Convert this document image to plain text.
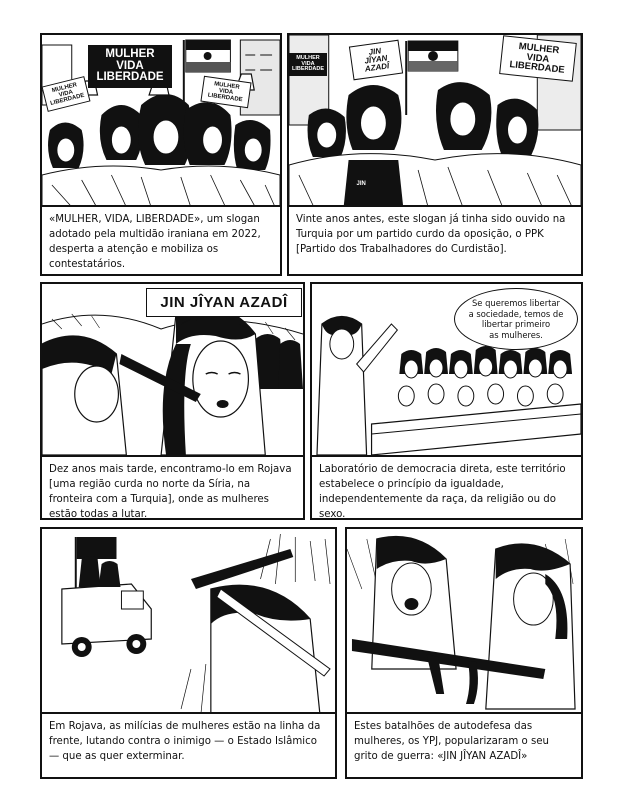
MULHER
VIDA
LIBERDADE
MULHER
VIDA
LIBERDADE
MULHER
VIDA
LIBERDADE
«MULHER, VIDA, LIBERDADE», um slogan adotado pela multidão iraniana em 2022, desperta a atenção e mobiliza os contestatários.
JIN
JIN
JÎYAN
AZADÎ
MULHER
VIDA
LIBERDADE
MULHER
VIDA
LIBERDADE
Vinte anos antes, este slogan já tinha sido ouvido na Turquia por um partido curdo da oposição, o PPK [Partido dos Trabalhadores do Curdistão].
JIN JÎYAN AZADÎ
Dez anos mais tarde, encontramo-lo em Rojava [uma região curda no norte da Síria, na fronteira com a Turquia], onde as mulheres estão todas a lutar.
Se queremos libertar
a sociedade, temos de
libertar primeiro
as mulheres.
Laboratório de democracia direta, este território estabelece o princípio da igualdade, independentemente da raça, da religião ou do sexo.
Em Rojava, as milícias de mulheres estão na linha da frente, lutando contra o inimigo — o Estado Islâmico — que as quer exterminar.
Estes batalhões de autodefesa das mulheres, os YPJ, popularizaram o seu grito de guerra: «JIN JÎYAN AZADÎ»
